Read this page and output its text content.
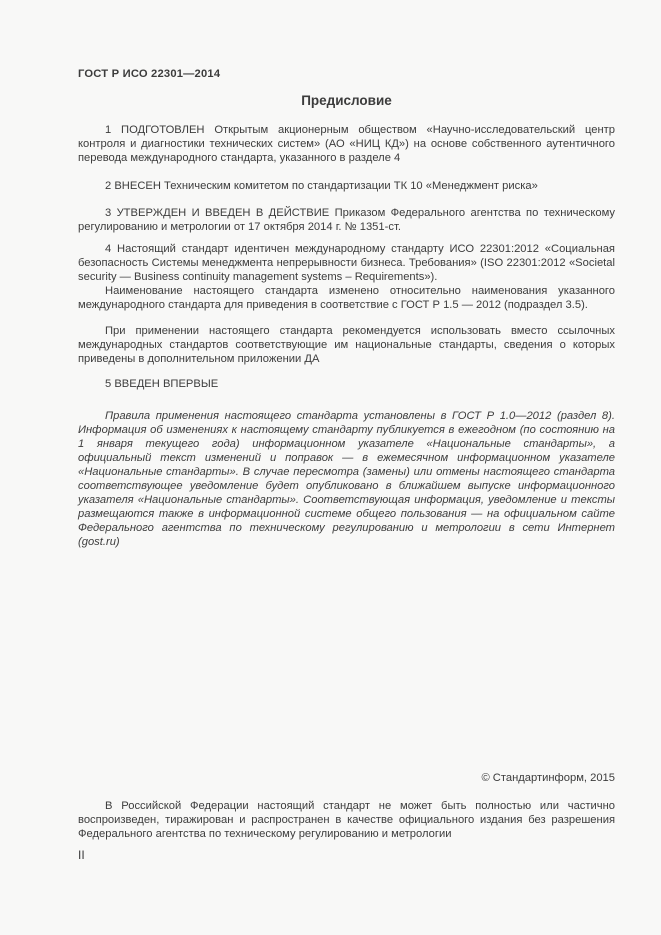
ГОСТ Р ИСО 22301—2014
Предисловие

1 ПОДГОТОВЛЕН Открытым акционерным обществом «Научно-исследовательский центр контроля и диагностики технических систем» (АО «НИЦ КД») на основе собственного аутентичного перевода международного стандарта, указанного в разделе 4

2 ВНЕСЕН Техническим комитетом по стандартизации ТК 10 «Менеджмент риска»

3 УТВЕРЖДЕН И ВВЕДЕН В ДЕЙСТВИЕ Приказом Федерального агентства по техническому регулированию и метрологии от 17 октября 2014 г. № 1351-ст.

4 Настоящий стандарт идентичен международному стандарту ИСО 22301:2012 «Социальная безопасность Системы менеджмента непрерывности бизнеса. Требования» (ISO 22301:2012 «Societal security — Business continuity management systems – Requirements»).

Наименование настоящего стандарта изменено относительно наименования указанного международного стандарта для приведения в соответствие с ГОСТ Р 1.5 — 2012 (подраздел 3.5).

При применении настоящего стандарта рекомендуется использовать вместо ссылочных международных стандартов соответствующие им национальные стандарты, сведения о которых приведены в дополнительном приложении ДА

5 ВВЕДЕН ВПЕРВЫЕ

Правила применения настоящего стандарта установлены в ГОСТ Р 1.0—2012 (раздел 8). Информация об изменениях к настоящему стандарту публикуется в ежегодном (по состоянию на 1 января текущего года) информационном указателе «Национальные стандарты», а официальный текст изменений и поправок — в ежемесячном информационном указателе «Национальные стандарты». В случае пересмотра (замены) или отмены настоящего стандарта соответствующее уведомление будет опубликовано в ближайшем выпуске информационного указателя «Национальные стандарты». Соответствующая информация, уведомление и тексты размещаются также в информационной системе общего пользования — на официальном сайте Федерального агентства по техническому регулированию и метрологии в сети Интернет (gost.ru)

© Стандартинформ, 2015

В Российской Федерации настоящий стандарт не может быть полностью или частично воспроизведен, тиражирован и распространен в качестве официального издания без разрешения Федерального агентства по техническому регулированию и метрологии

II
